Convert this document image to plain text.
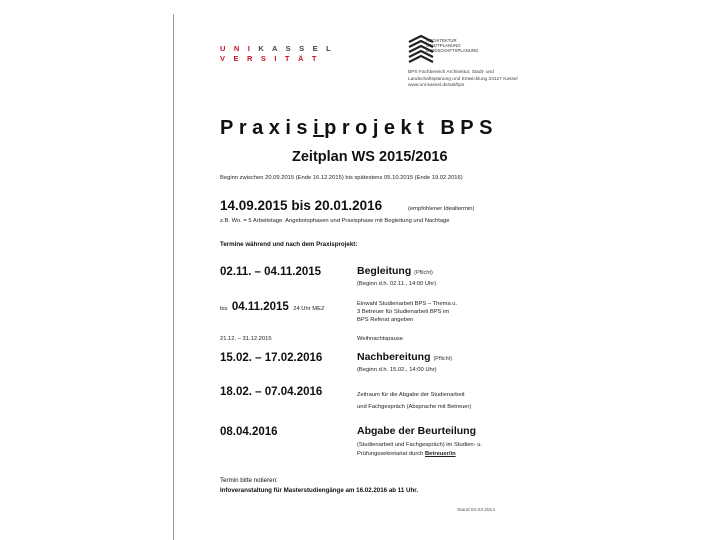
U N I K A S S E L
V E R S I T Ä T
ARCHITEKTUR
STADTPLANUNG
LANDSCHAFTSPLANUNG
BPS Fachbereich Architektur, Stadt- und
Landschaftsplanung und Entwicklung 34127 Kassel
www.uni-kassel.de/asl/bps
Praxisiprojekt BPS
Zeitplan WS 2015/2016
Beginn zwischen 20.09.2015 (Ende 16.12.2015) bis spätestens 05.10.2015 (Ende 19.02.2016)
14.09.2015 bis 20.01.2016	(empfohlener Idealtermin)
z.B. Wo. = 5 Arbeitstage: Angebotsphasen und Praxisphase mit Begleitung und Nachtage
Termine während und nach dem Praxisprojekt:
02.11. – 04.11.2015	Begleitung (Pflicht)
(Beginn d.h. 02.11., 14:00 Uhr)
bis 04.11.2015 24 Uhr MEZ
Einwahl Studienarbeit BPS – Thema u.
3 Betreuer für Studienarbeit BPS im
BPS Referat angeben
21.12. – 31.12.2015	Weihnachtspause
15.02. – 17.02.2016	Nachbereitung (Pflicht)
(Beginn d.h. 15.02., 14:00 Uhr)
18.02. – 07.04.2016	Zeitraum für die Abgabe der Studienarbeit
und Fachgespräch (Absprache mit Betreuer)
08.04.2016	Abgabe der Beurteilung
(Studienarbeit und Fachgespräch) im Studien- u.
Prüfungssekretariat durch Betreuer/in
Termin bitte notieren:
Infoveranstaltung für Masterstudiengänge am 16.02.2016 ab 11 Uhr.
Stand 04.03.2014
